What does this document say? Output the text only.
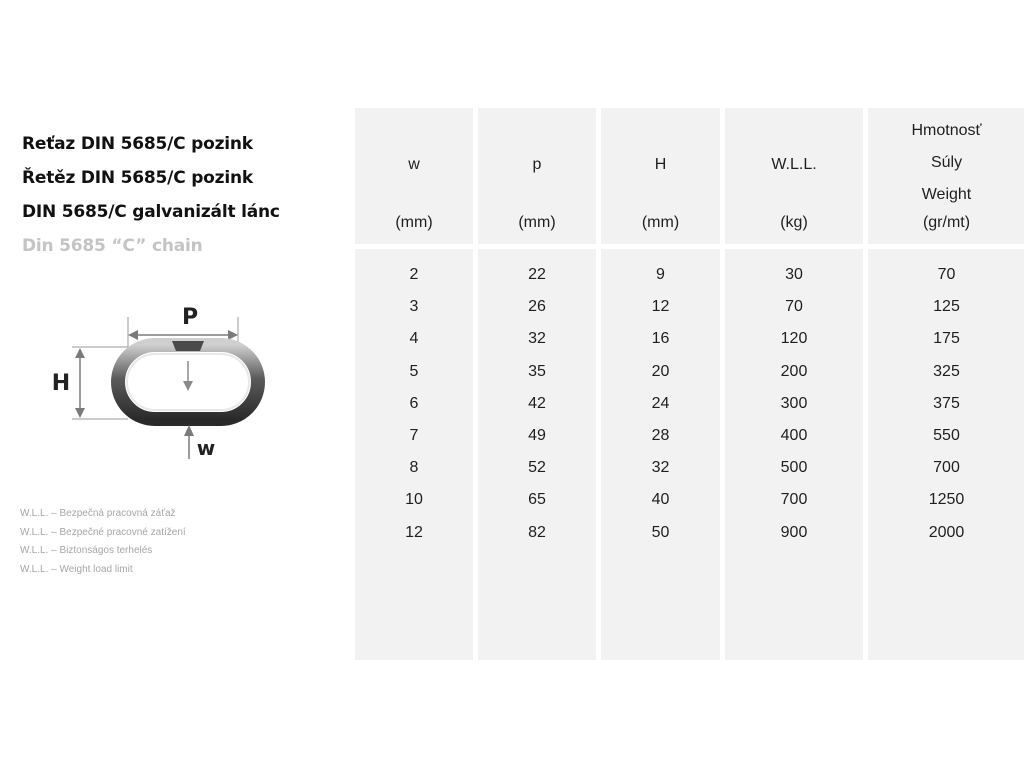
Reťaz DIN 5685/C pozink
Řetěz DIN 5685/C pozink
DIN 5685/C galvanizált lánc
Din 5685 “C” chain
P
H
w
W.L.L. – Bezpečná pracovná záťaž
W.L.L. – Bezpečné pracovné zatížení
W.L.L. – Biztonságos terhelés
W.L.L. – Weight load limit
w
(mm)
2
3
4
5
6
7
8
10
12
p
(mm)
22
26
32
35
42
49
52
65
82
H
(mm)
9
12
16
20
24
28
32
40
50
W.L.L.
(kg)
30
70
120
200
300
400
500
700
900
Hmotnosť
Súly
Weight
(gr/mt)
70
125
175
325
375
550
700
1250
2000
